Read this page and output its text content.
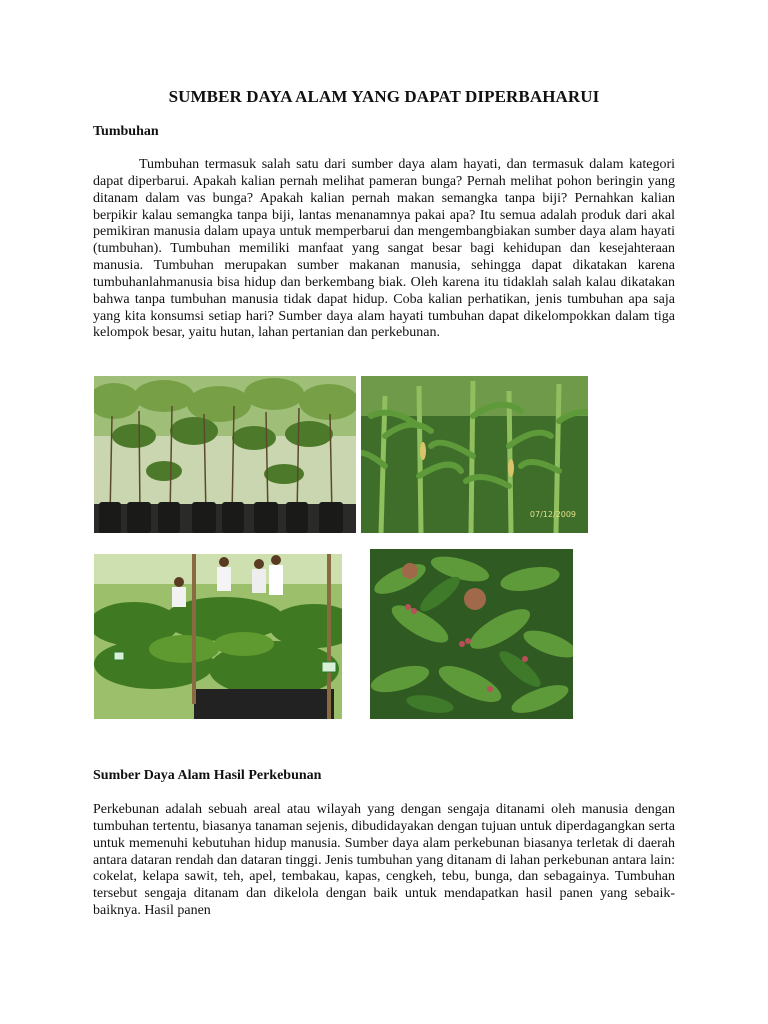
SUMBER DAYA ALAM YANG DAPAT DIPERBAHARUI
Tumbuhan

Tumbuhan termasuk salah satu dari sumber daya alam hayati, dan termasuk dalam kategori dapat diperbarui. Apakah kalian pernah melihat pameran bunga? Pernah melihat pohon beringin yang ditanam dalam vas bunga? Apakah kalian pernah makan semangka tanpa biji? Pernahkan kalian berpikir kalau semangka tanpa biji, lantas menanamnya pakai apa? Itu semua adalah produk dari akal pemikiran manusia dalam upaya untuk memperbarui dan mengembangbiakan sumber daya alam hayati (tumbuhan). Tumbuhan memiliki manfaat yang sangat besar bagi kehidupan dan kesejahteraan manusia. Tumbuhan merupakan sumber makanan manusia, sehingga dapat dikatakan karena tumbuhanlahmanusia bisa hidup dan berkembang biak. Oleh karena itu tidaklah salah kalau dikatakan bahwa tanpa tumbuhan manusia tidak dapat hidup. Coba kalian perhatikan, jenis tumbuhan apa saja yang kita konsumsi setiap hari? Sumber daya alam hayati tumbuhan dapat dikelompokkan dalam tiga kelompok besar, yaitu hutan, lahan pertanian dan perkebunan.

07/12/2009
Sumber Daya Alam Hasil Perkebunan

Perkebunan adalah sebuah areal atau wilayah yang dengan sengaja ditanami oleh manusia dengan tumbuhan tertentu, biasanya tanaman sejenis, dibudidayakan dengan tujuan untuk diperdagangkan serta untuk memenuhi kebutuhan hidup manusia. Sumber daya alam perkebunan biasanya terletak di daerah antara dataran rendah dan dataran tinggi. Jenis tumbuhan yang ditanam di lahan perkebunan antara lain: cokelat, kelapa sawit, teh, apel, tembakau, kapas, cengkeh, tebu, bunga, dan sebagainya. Tumbuhan tersebut sengaja ditanam dan dikelola dengan baik untuk mendapatkan hasil panen yang sebaik-baiknya. Hasil panen
